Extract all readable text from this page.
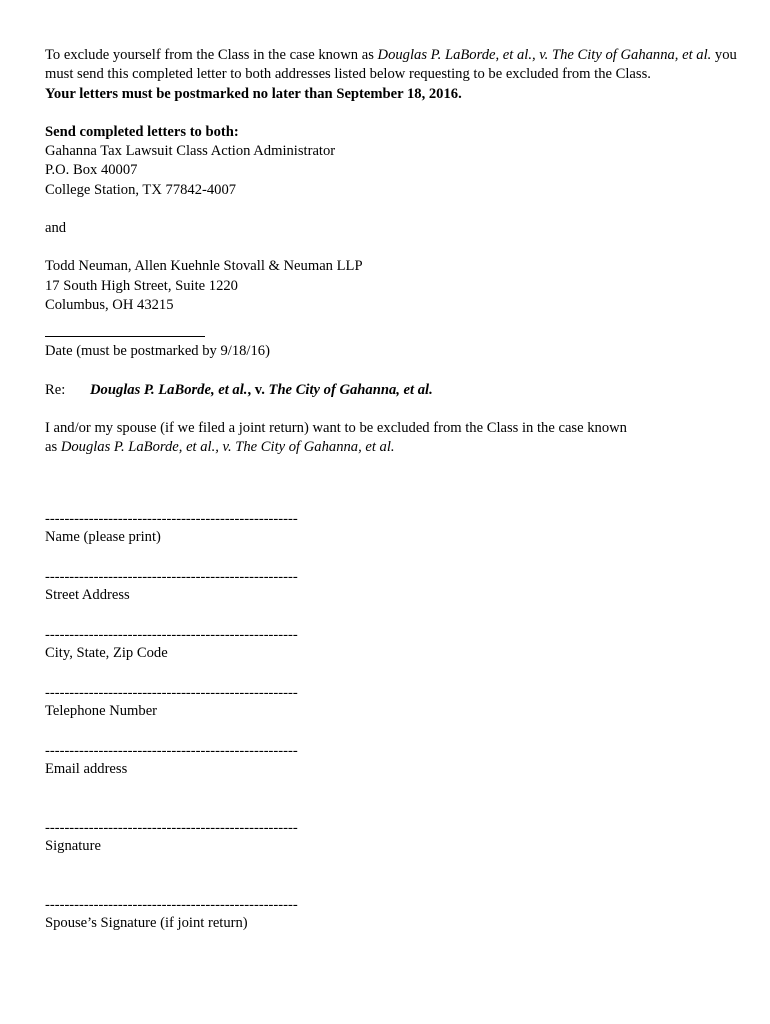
To exclude yourself from the Class in the case known as Douglas P. LaBorde, et al., v. The City of Gahanna, et al. you must send this completed letter to both addresses listed below requesting to be excluded from the Class.
Your letters must be postmarked no later than September 18, 2016.

Send completed letters to both:
Gahanna Tax Lawsuit Class Action Administrator
P.O. Box 40007
College Station, TX 77842-4007

and

Todd Neuman, Allen Kuehnle Stovall & Neuman LLP
17 South High Street, Suite 1220
Columbus, OH 43215

Date (must be postmarked by 9/18/16)

Re: Douglas P. LaBorde, et al., v. The City of Gahanna, et al.

I and/or my spouse (if we filed a joint return) want to be excluded from the Class in the case known
as Douglas P. LaBorde, et al., v. The City of Gahanna, et al.

----------------------------------------------------
Name (please print)
----------------------------------------------------
Street Address
----------------------------------------------------
City, State, Zip Code
----------------------------------------------------
Telephone Number
----------------------------------------------------
Email address
----------------------------------------------------
Signature
----------------------------------------------------
Spouse’s Signature (if joint return)
